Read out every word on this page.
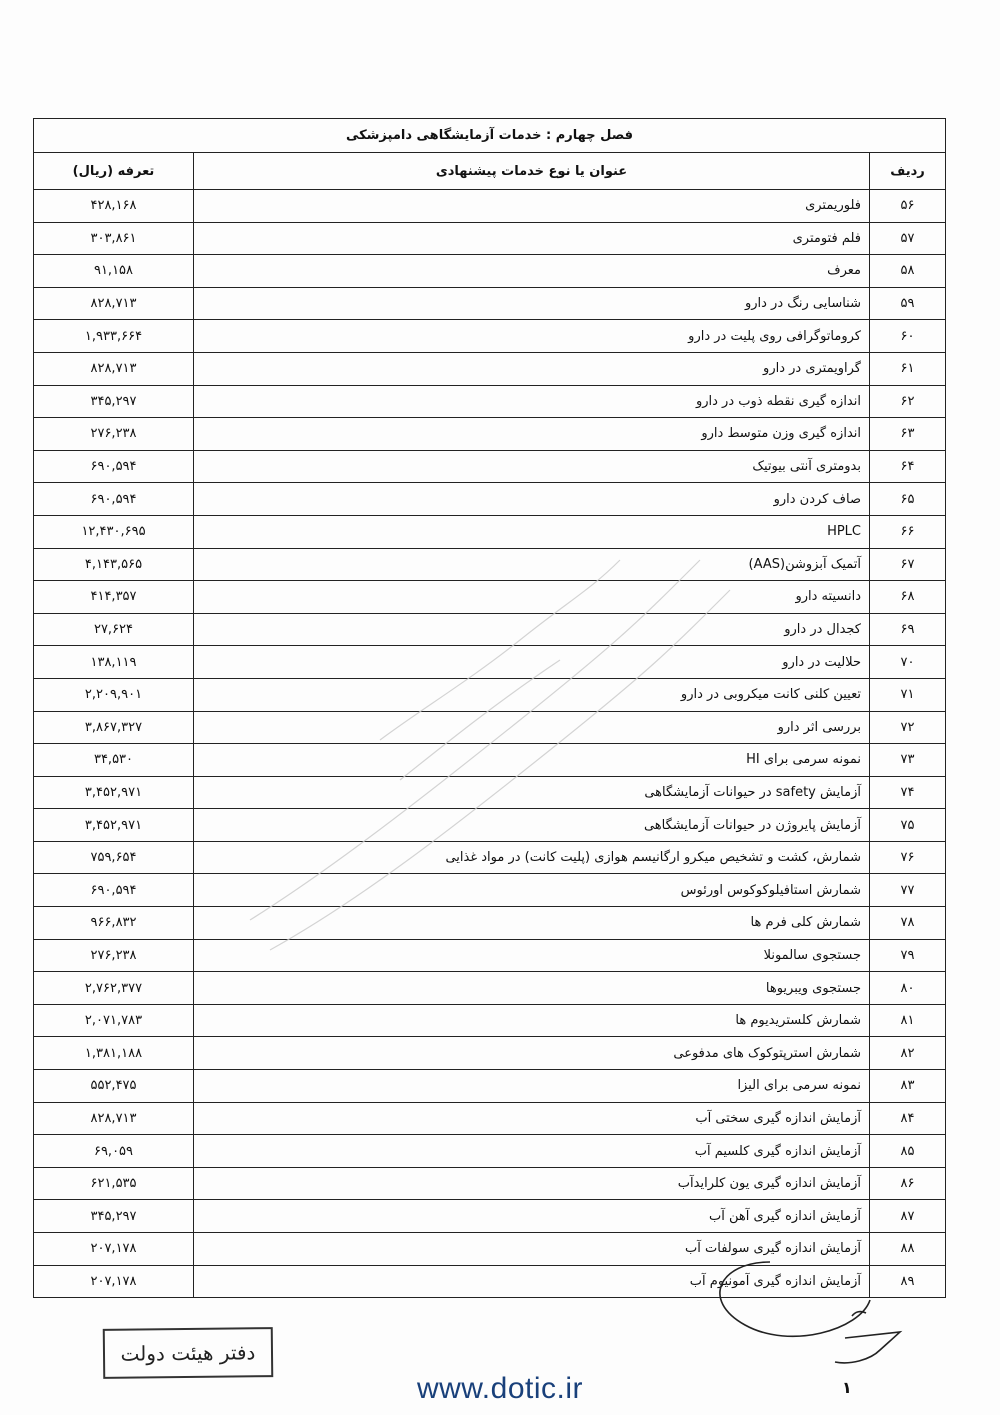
فصل چهارم : خدمات آزمایشگاهی دامپزشکی		
ردیف	عنوان یا نوع خدمات پیشنهادی	تعرفه (ریال)
۵۶	فلوریمتری	۴۲۸,۱۶۸
۵۷	فلم فتومتری	۳۰۳,۸۶۱
۵۸	معرف	۹۱,۱۵۸
۵۹	شناسایی رنگ در دارو	۸۲۸,۷۱۳
۶۰	کروماتوگرافی روی پلیت در دارو	۱,۹۳۳,۶۶۴
۶۱	گراویمتری در دارو	۸۲۸,۷۱۳
۶۲	اندازه گیری نقطه ذوب در دارو	۳۴۵,۲۹۷
۶۳	اندازه گیری وزن متوسط دارو	۲۷۶,۲۳۸
۶۴	بدومتری آنتی بیوتیک	۶۹۰,۵۹۴
۶۵	صاف کردن دارو	۶۹۰,۵۹۴
۶۶	HPLC	۱۲,۴۳۰,۶۹۵
۶۷	آتمیک آبزوشن(AAS)	۴,۱۴۳,۵۶۵
۶۸	دانسیته دارو	۴۱۴,۳۵۷
۶۹	کجدال در دارو	۲۷,۶۲۴
۷۰	حلالیت در دارو	۱۳۸,۱۱۹
۷۱	تعیین کلنی کانت میکروبی در دارو	۲,۲۰۹,۹۰۱
۷۲	بررسی اثر دارو	۳,۸۶۷,۳۲۷
۷۳	نمونه سرمی برای HI	۳۴,۵۳۰
۷۴	آزمایش safety در حیوانات آزمایشگاهی	۳,۴۵۲,۹۷۱
۷۵	آزمایش پایروژن در حیوانات آزمایشگاهی	۳,۴۵۲,۹۷۱
۷۶	شمارش، کشت و تشخیص میکرو ارگانیسم هوازی (پلیت کانت) در مواد غذایی	۷۵۹,۶۵۴
۷۷	شمارش استافیلوکوکوس اورئوس	۶۹۰,۵۹۴
۷۸	شمارش کلی فرم ها	۹۶۶,۸۳۲
۷۹	جستجوی سالمونلا	۲۷۶,۲۳۸
۸۰	جستجوی ویبریوها	۲,۷۶۲,۳۷۷
۸۱	شمارش کلستریدیوم ها	۲,۰۷۱,۷۸۳
۸۲	شمارش استرپتوکوک های مدفوعی	۱,۳۸۱,۱۸۸
۸۳	نمونه سرمی برای الیزا	۵۵۲,۴۷۵
۸۴	آزمایش اندازه گیری سختی آب	۸۲۸,۷۱۳
۸۵	آزمایش اندازه گیری کلسیم آب	۶۹,۰۵۹
۸۶	آزمایش اندازه گیری یون کلرایدآب	۶۲۱,۵۳۵
۸۷	آزمایش اندازه گیری آهن آب	۳۴۵,۲۹۷
۸۸	آزمایش اندازه گیری سولفات آب	۲۰۷,۱۷۸
۸۹	آزمایش اندازه گیری آمونیوم آب	۲۰۷,۱۷۸
دفتر هیئت دولت
۱
www.dotic.ir
